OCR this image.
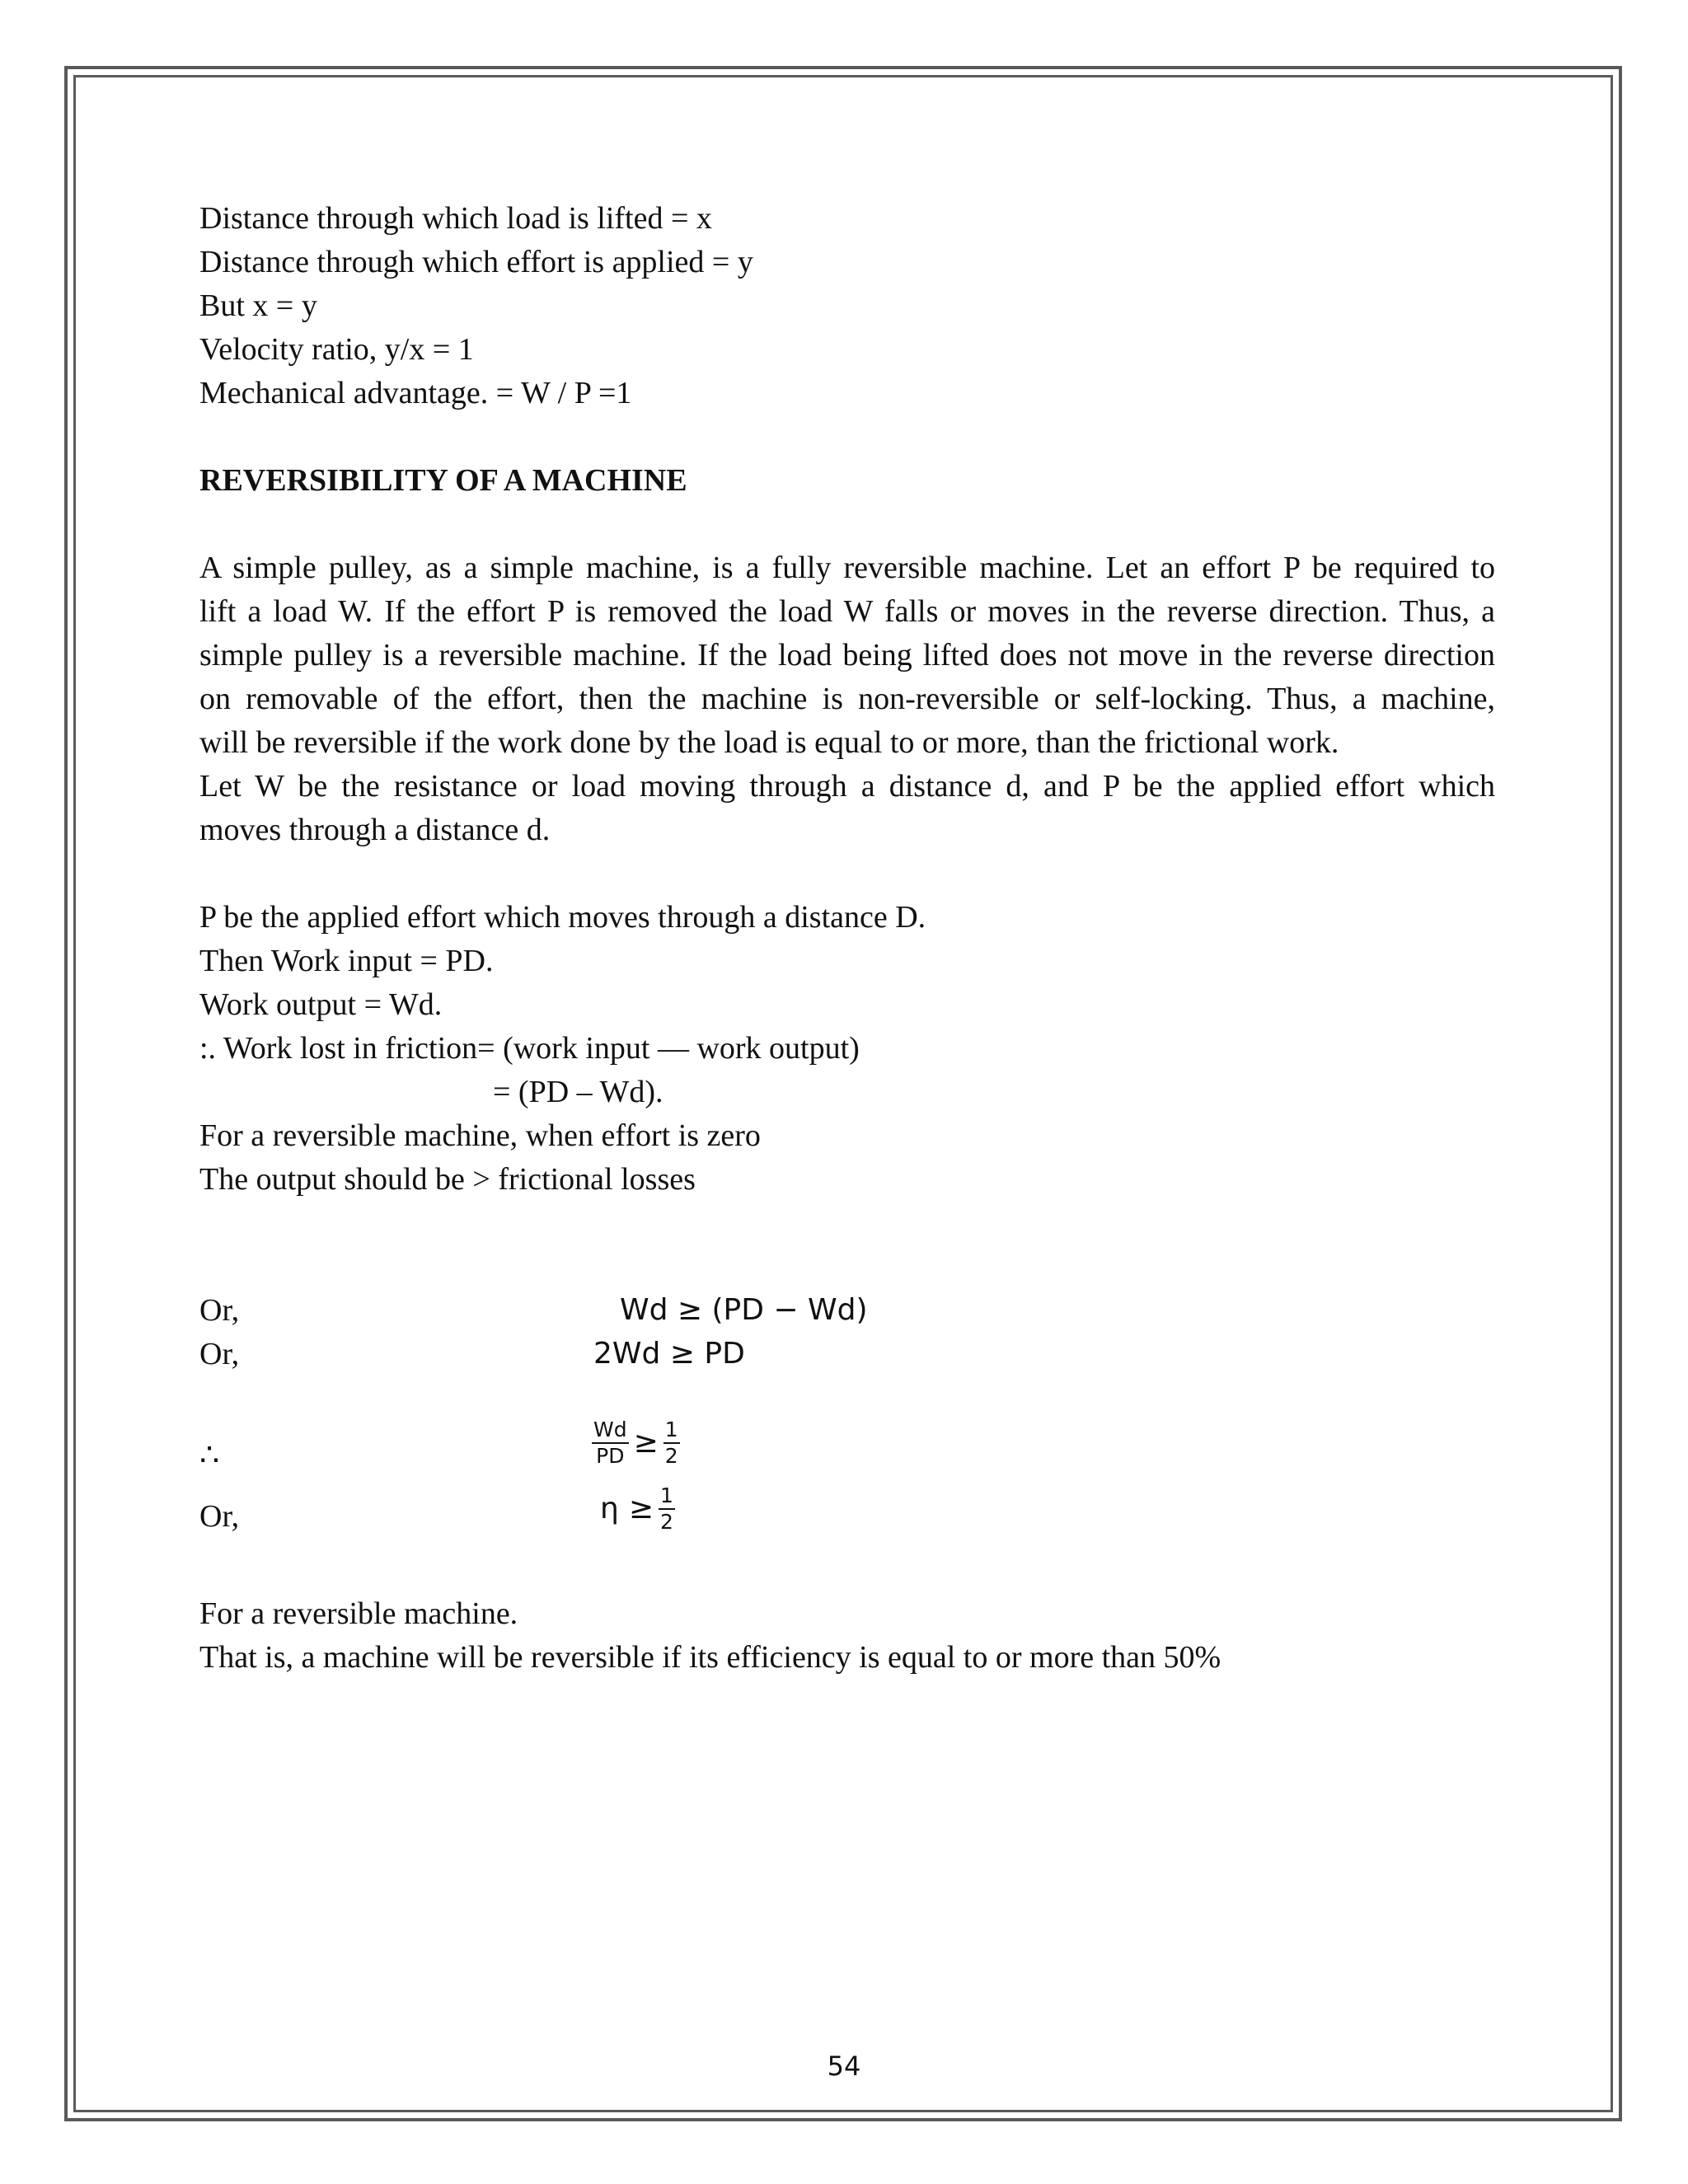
Distance through which load is lifted = x
Distance through which effort is applied = y
But x = y
Velocity ratio, y/x = 1
Mechanical advantage. = W / P =1
REVERSIBILITY OF A MACHINE
A simple pulley, as a simple machine, is a fully reversible machine. Let an effort P be required to
lift a load W. If the effort P is removed the load W falls or moves in the reverse direction. Thus, a
simple pulley is a reversible machine. If the load being lifted does not move in the reverse direction
on removable of the effort, then the machine is non-reversible or self-locking. Thus, a machine,
will be reversible if the work done by the load is equal to or more, than the frictional work.
Let W be the resistance or load moving through a distance d, and P be the applied effort which
moves through a distance d.
P be the applied effort which moves through a distance D.
Then Work input = PD.
Work output = Wd.
:. Work lost in friction= (work input — work output)
= (PD – Wd).
For a reversible machine, when effort is zero
The output should be > frictional losses
Or,	Wd ≥ (PD − Wd)
Or,	2Wd ≥ PD
∴	$\frac{Wd}{PD} \ge \frac{1}{2}$
Or,	$\eta \ge \frac{1}{2}$
For a reversible machine.
That is, a machine will be reversible if its efficiency is equal to or more than 50%
54
